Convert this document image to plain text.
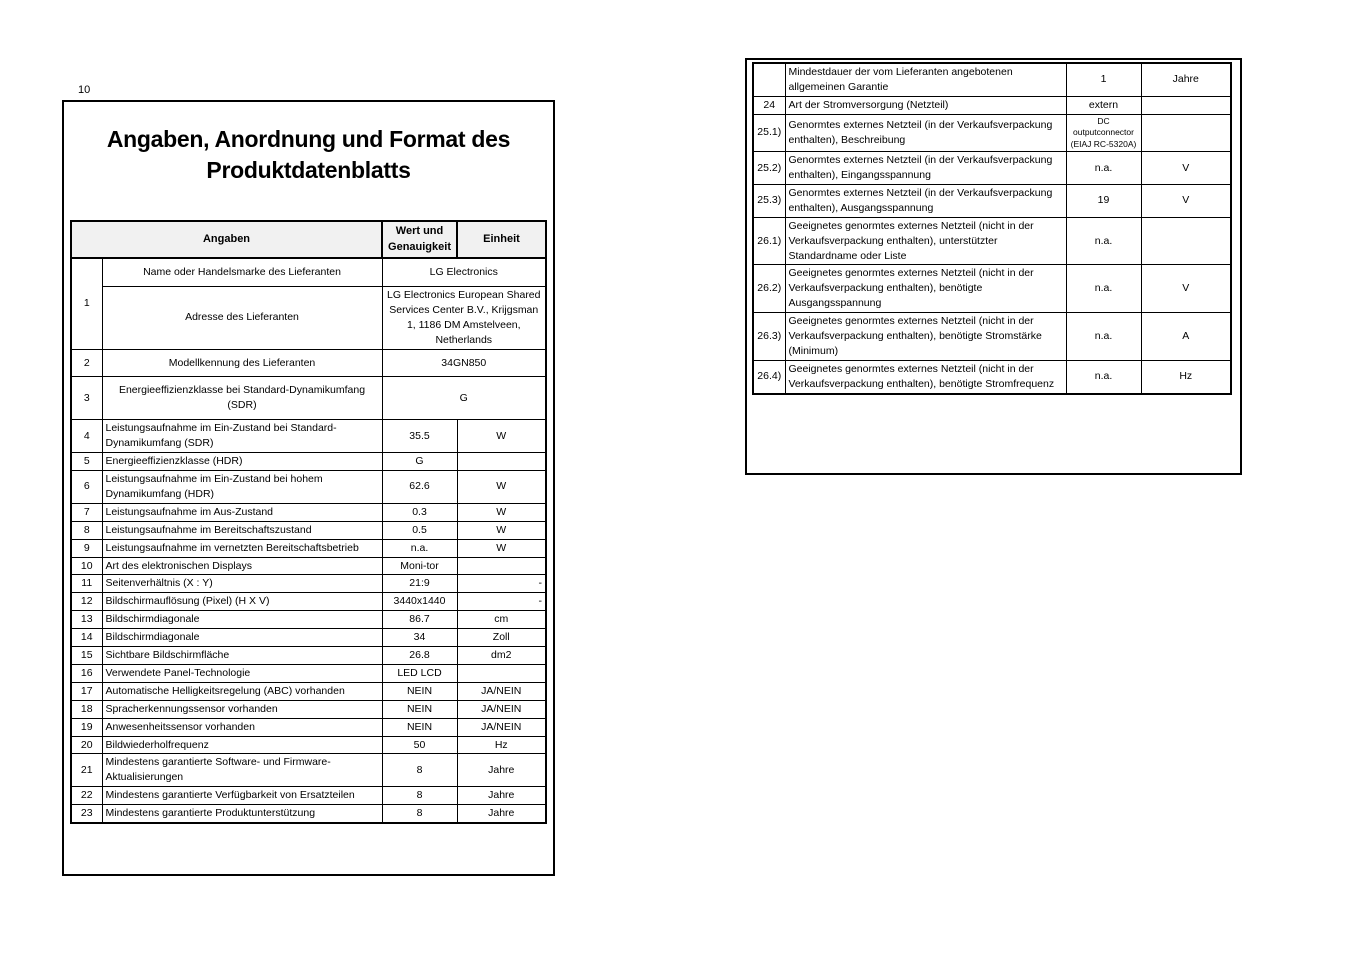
10
Angaben, Anordnung und Format des Produktdatenblatts
Angaben		Wert und Genauigkeit	Einheit
1	Name oder Handelsmarke des Lieferanten	LG Electronics	
	Adresse des Lieferanten	LG Electronics European Shared Services Center B.V., Krijgsman 1, 1186 DM Amstelveen, Netherlands	
2	Modellkennung des Lieferanten	34GN850	
3	Energieeffizienzklasse bei Standard-Dynamikumfang (SDR)	G	
4	Leistungsaufnahme im Ein-Zustand bei Standard-Dynamikumfang (SDR)	35.5	W
5	Energieeffizienzklasse (HDR)	G	
6	Leistungsaufnahme im Ein-Zustand bei hohem Dynamikumfang (HDR)	62.6	W
7	Leistungsaufnahme im Aus-Zustand	0.3	W
8	Leistungsaufnahme im Bereitschaftszustand	0.5	W
9	Leistungsaufnahme im vernetzten Bereitschaftsbetrieb	n.a.	W
10	Art des elektronischen Displays	Moni-tor	
11	Seitenverhältnis (X : Y)	21:9	-
12	Bildschirmauflösung (Pixel) (H X V)	3440x1440	-
13	Bildschirmdiagonale	86.7	cm
14	Bildschirmdiagonale	34	Zoll
15	Sichtbare Bildschirmfläche	26.8	dm2
16	Verwendete Panel-Technologie	LED LCD	
17	Automatische Helligkeitsregelung (ABC) vorhanden	NEIN	JA/NEIN
18	Spracherkennungssensor vorhanden	NEIN	JA/NEIN
19	Anwesenheitssensor vorhanden	NEIN	JA/NEIN
20	Bildwiederholfrequenz	50	Hz
21	Mindestens garantierte Software- und Firmware-Aktualisierungen	8	Jahre
22	Mindestens garantierte Verfügbarkeit von Ersatzteilen	8	Jahre
23	Mindestens garantierte Produktunterstützung	8	Jahre
	Mindestdauer der vom Lieferanten angebotenen allgemeinen Garantie	1	Jahre
24	Art der Stromversorgung (Netzteil)	extern	
25.1)	Genormtes externes Netzteil (in der Verkaufsverpackung enthalten), Beschreibung	DC outputconnector (EIAJ RC-5320A)	
25.2)	Genormtes externes Netzteil (in der Verkaufsverpackung enthalten), Eingangsspannung	n.a.	V
25.3)	Genormtes externes Netzteil (in der Verkaufsverpackung enthalten), Ausgangsspannung	19	V
26.1)	Geeignetes genormtes externes Netzteil (nicht in der Verkaufsverpackung enthalten), unterstützter Standardname oder Liste	n.a.	
26.2)	Geeignetes genormtes externes Netzteil (nicht in der Verkaufsverpackung enthalten), benötigte Ausgangsspannung	n.a.	V
26.3)	Geeignetes genormtes externes Netzteil (nicht in der Verkaufsverpackung enthalten), benötigte Stromstärke (Minimum)	n.a.	A
26.4)	Geeignetes genormtes externes Netzteil (nicht in der Verkaufsverpackung enthalten), benötigte Stromfrequenz	n.a.	Hz
